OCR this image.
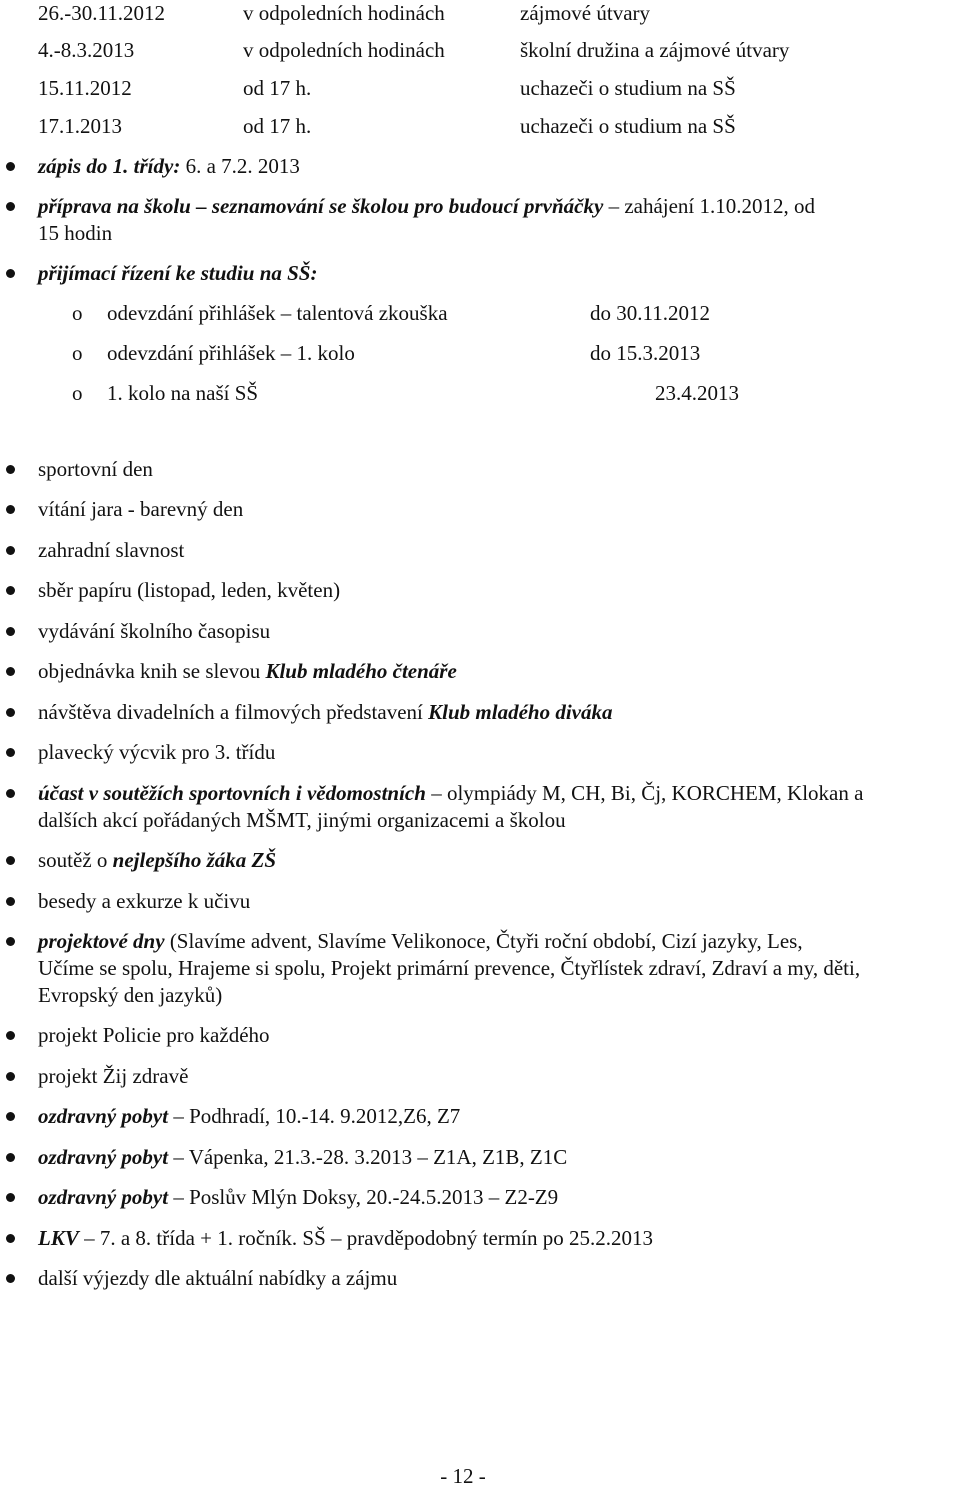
26.-30.11.2012	v odpoledních hodinách	zájmové útvary
4.-8.3.2013	v odpoledních hodinách	školní družina a zájmové útvary
15.11.2012	od 17 h.	uchazeči o studium na SŠ
17.1.2013	od 17 h.	uchazeči o studium na SŠ
zápis do 1. třídy: 6. a 7.2. 2013
příprava na školu – seznamování se školou pro budoucí prvňáčky – zahájení 1.10.2012, od
15 hodin
přijímací řízení ke studiu na SŠ:
o odevzdání přihlášek – talentová zkouška	do 30.11.2012
o odevzdání přihlášek – 1. kolo	do 15.3.2013
o 1. kolo na naší SŠ	23.4.2013
sportovní den
vítání jara - barevný den
zahradní slavnost
sběr papíru (listopad, leden, květen)
vydávání školního časopisu
objednávka knih se slevou Klub mladého čtenáře
návštěva divadelních a filmových představení Klub mladého diváka
plavecký výcvik pro 3. třídu
účast v soutěžích sportovních i vědomostních – olympiády M, CH, Bi, Čj, KORCHEM, Klokan a
dalších akcí pořádaných MŠMT, jinými organizacemi a školou
soutěž o nejlepšího žáka ZŠ
besedy a exkurze k učivu
projektové dny (Slavíme advent, Slavíme Velikonoce, Čtyři roční období, Cizí jazyky, Les,
Učíme se spolu, Hrajeme si spolu, Projekt primární prevence, Čtyřlístek zdraví, Zdraví a my, děti,
Evropský den jazyků)
projekt Policie pro každého
projekt Žij zdravě
ozdravný pobyt – Podhradí, 10.-14. 9.2012,Z6, Z7
ozdravný pobyt – Vápenka, 21.3.-28. 3.2013 – Z1A, Z1B, Z1C
ozdravný pobyt – Poslův Mlýn Doksy, 20.-24.5.2013 – Z2-Z9
LKV – 7. a 8. třída + 1. ročník. SŠ – pravděpodobný termín po 25.2.2013
další výjezdy dle aktuální nabídky a zájmu
- 12 -
